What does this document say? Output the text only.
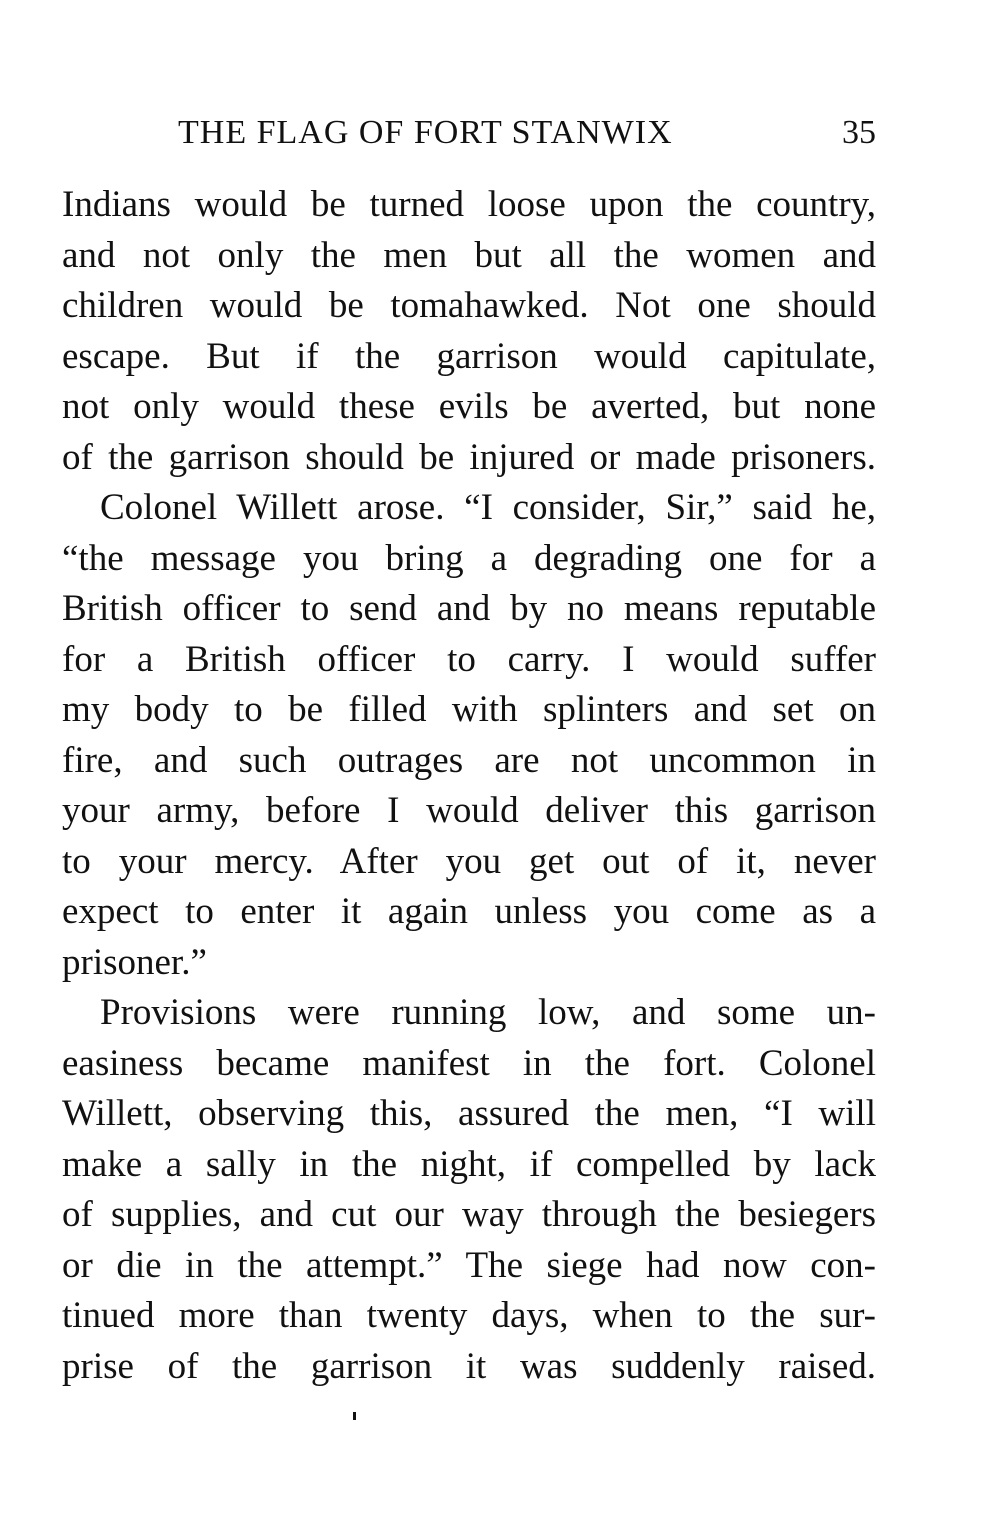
THE FLAG OF FORT STANWIX	35
Indians would be turned loose upon the country,
and not only the men but all the women and
children would be tomahawked. Not one should
escape. But if the garrison would capitulate,
not only would these evils be averted, but none
of the garrison should be injured or made prisoners.
Colonel Willett arose. “I consider, Sir,” said he,
“the message you bring a degrading one for a
British officer to send and by no means reputable
for a British officer to carry. I would suffer
my body to be filled with splinters and set on
fire, and such outrages are not uncommon in
your army, before I would deliver this garrison
to your mercy. After you get out of it, never
expect to enter it again unless you come as a
prisoner.”
Provisions were running low, and some un-
easiness became manifest in the fort. Colonel
Willett, observing this, assured the men, “I will
make a sally in the night, if compelled by lack
of supplies, and cut our way through the besiegers
or die in the attempt.” The siege had now con-
tinued more than twenty days, when to the sur-
prise of the garrison it was suddenly raised.
